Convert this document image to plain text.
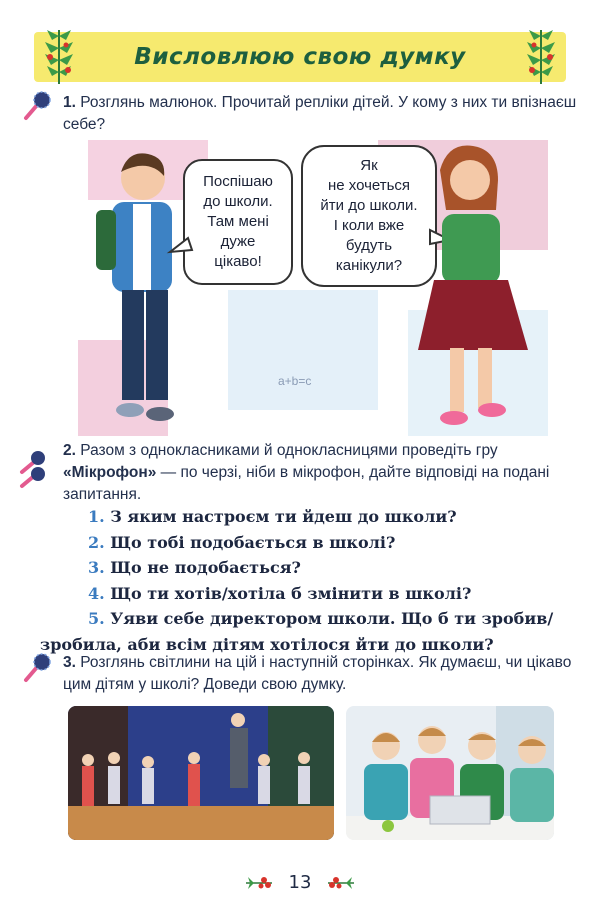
Висловлюю свою думку
1. Розглянь малюнок. Прочитай репліки дітей. У кому з них ти впізнаєш себе?
a+b=c
Поспішаю
до школи.
Там мені
дуже
цікаво!
Як
не хочеться
йти до школи.
І коли вже
будуть
канікули?
2. Разом з однокласниками й однокласницями проведіть гру «Мікрофон» — по черзі, ніби в мікрофон, дайте відповіді на подані запитання.
1. З яким настроєм ти йдеш до школи?
2. Що тобі подобається в школі?
3. Що не подобається?
4. Що ти хотів/хотіла б змінити в школі?
5. Уяви себе директором школи. Що б ти зробив/
зробила, аби всім дітям хотілося йти до школи?
3. Розглянь світлини на цій і наступній сторінках. Як думаєш, чи цікаво цим дітям у школі? Доведи свою думку.
13
